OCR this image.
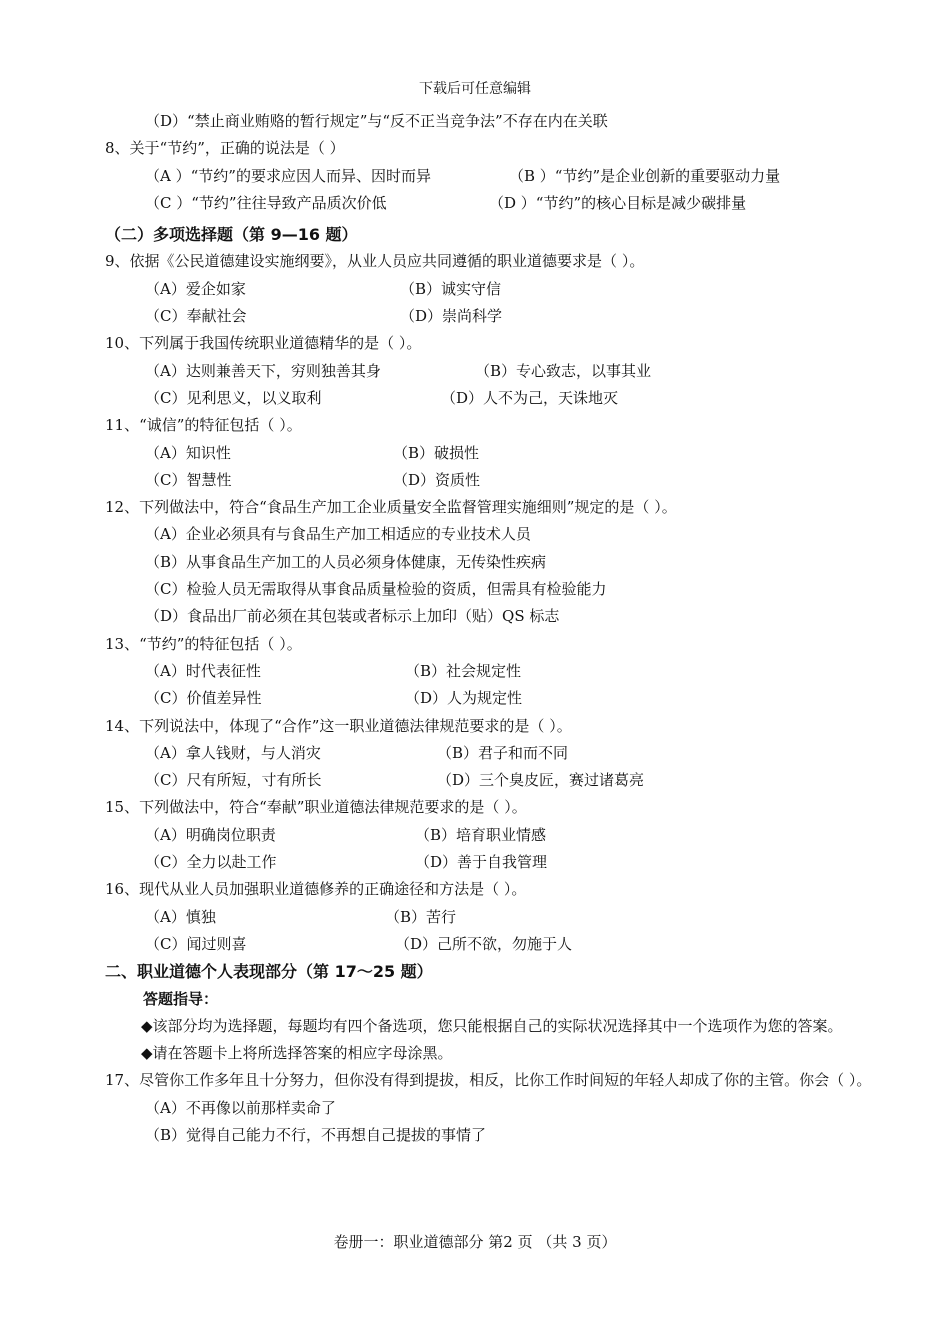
下载后可任意编辑
（D）“禁止商业贿赂的暂行规定”与“反不正当竞争法”不存在内在关联
8、关于“节约”，正确的说法是（ ）
（A ）“节约”的要求应因人而异、因时而异	（B ）“节约”是企业创新的重要驱动力量
（C ）“节约”往往导致产品质次价低	（D ）“节约”的核心目标是减少碳排量
（二）多项选择题（第 9—16 题）
9、依据《公民道德建设实施纲要》，从业人员应共同遵循的职业道德要求是（ ）。
（A）爱企如家	（B）诚实守信
（C）奉献社会	（D）崇尚科学
10、下列属于我国传统职业道德精华的是（ ）。
（A）达则兼善天下，穷则独善其身	（B）专心致志，以事其业
（C）见利思义，以义取利	（D）人不为己，天诛地灭
11、“诚信”的特征包括（ ）。
（A）知识性	（B）破损性
（C）智慧性	（D）资质性
12、下列做法中，符合“食品生产加工企业质量安全监督管理实施细则”规定的是（ ）。
（A）企业必须具有与食品生产加工相适应的专业技术人员
（B）从事食品生产加工的人员必须身体健康，无传染性疾病
（C）检验人员无需取得从事食品质量检验的资质，但需具有检验能力
（D）食品出厂前必须在其包装或者标示上加印（贴）QS 标志
13、“节约”的特征包括（ ）。
（A）时代表征性	（B）社会规定性
（C）价值差异性	（D）人为规定性
14、下列说法中，体现了“合作”这一职业道德法律规范要求的是（ ）。
（A）拿人钱财，与人消灾	（B）君子和而不同
（C）尺有所短，寸有所长	（D）三个臭皮匠，赛过诸葛亮
15、下列做法中，符合“奉献”职业道德法律规范要求的是（ ）。
（A）明确岗位职责	（B）培育职业情感
（C）全力以赴工作	（D）善于自我管理
16、现代从业人员加强职业道德修养的正确途径和方法是（ ）。
（A）慎独	（B）苦行
（C）闻过则喜	（D）己所不欲，勿施于人
二、职业道德个人表现部分（第 17～25 题）
答题指导：
◆该部分均为选择题，每题均有四个备选项，您只能根据自己的实际状况选择其中一个选项作为您的答案。
◆请在答题卡上将所选择答案的相应字母涂黑。
17、尽管你工作多年且十分努力，但你没有得到提拔，相反，比你工作时间短的年轻人却成了你的主管。你会（ ）。
（A）不再像以前那样卖命了
（B）觉得自己能力不行，不再想自己提拔的事情了
卷册一：职业道德部分 第2 页 （共 3 页）
